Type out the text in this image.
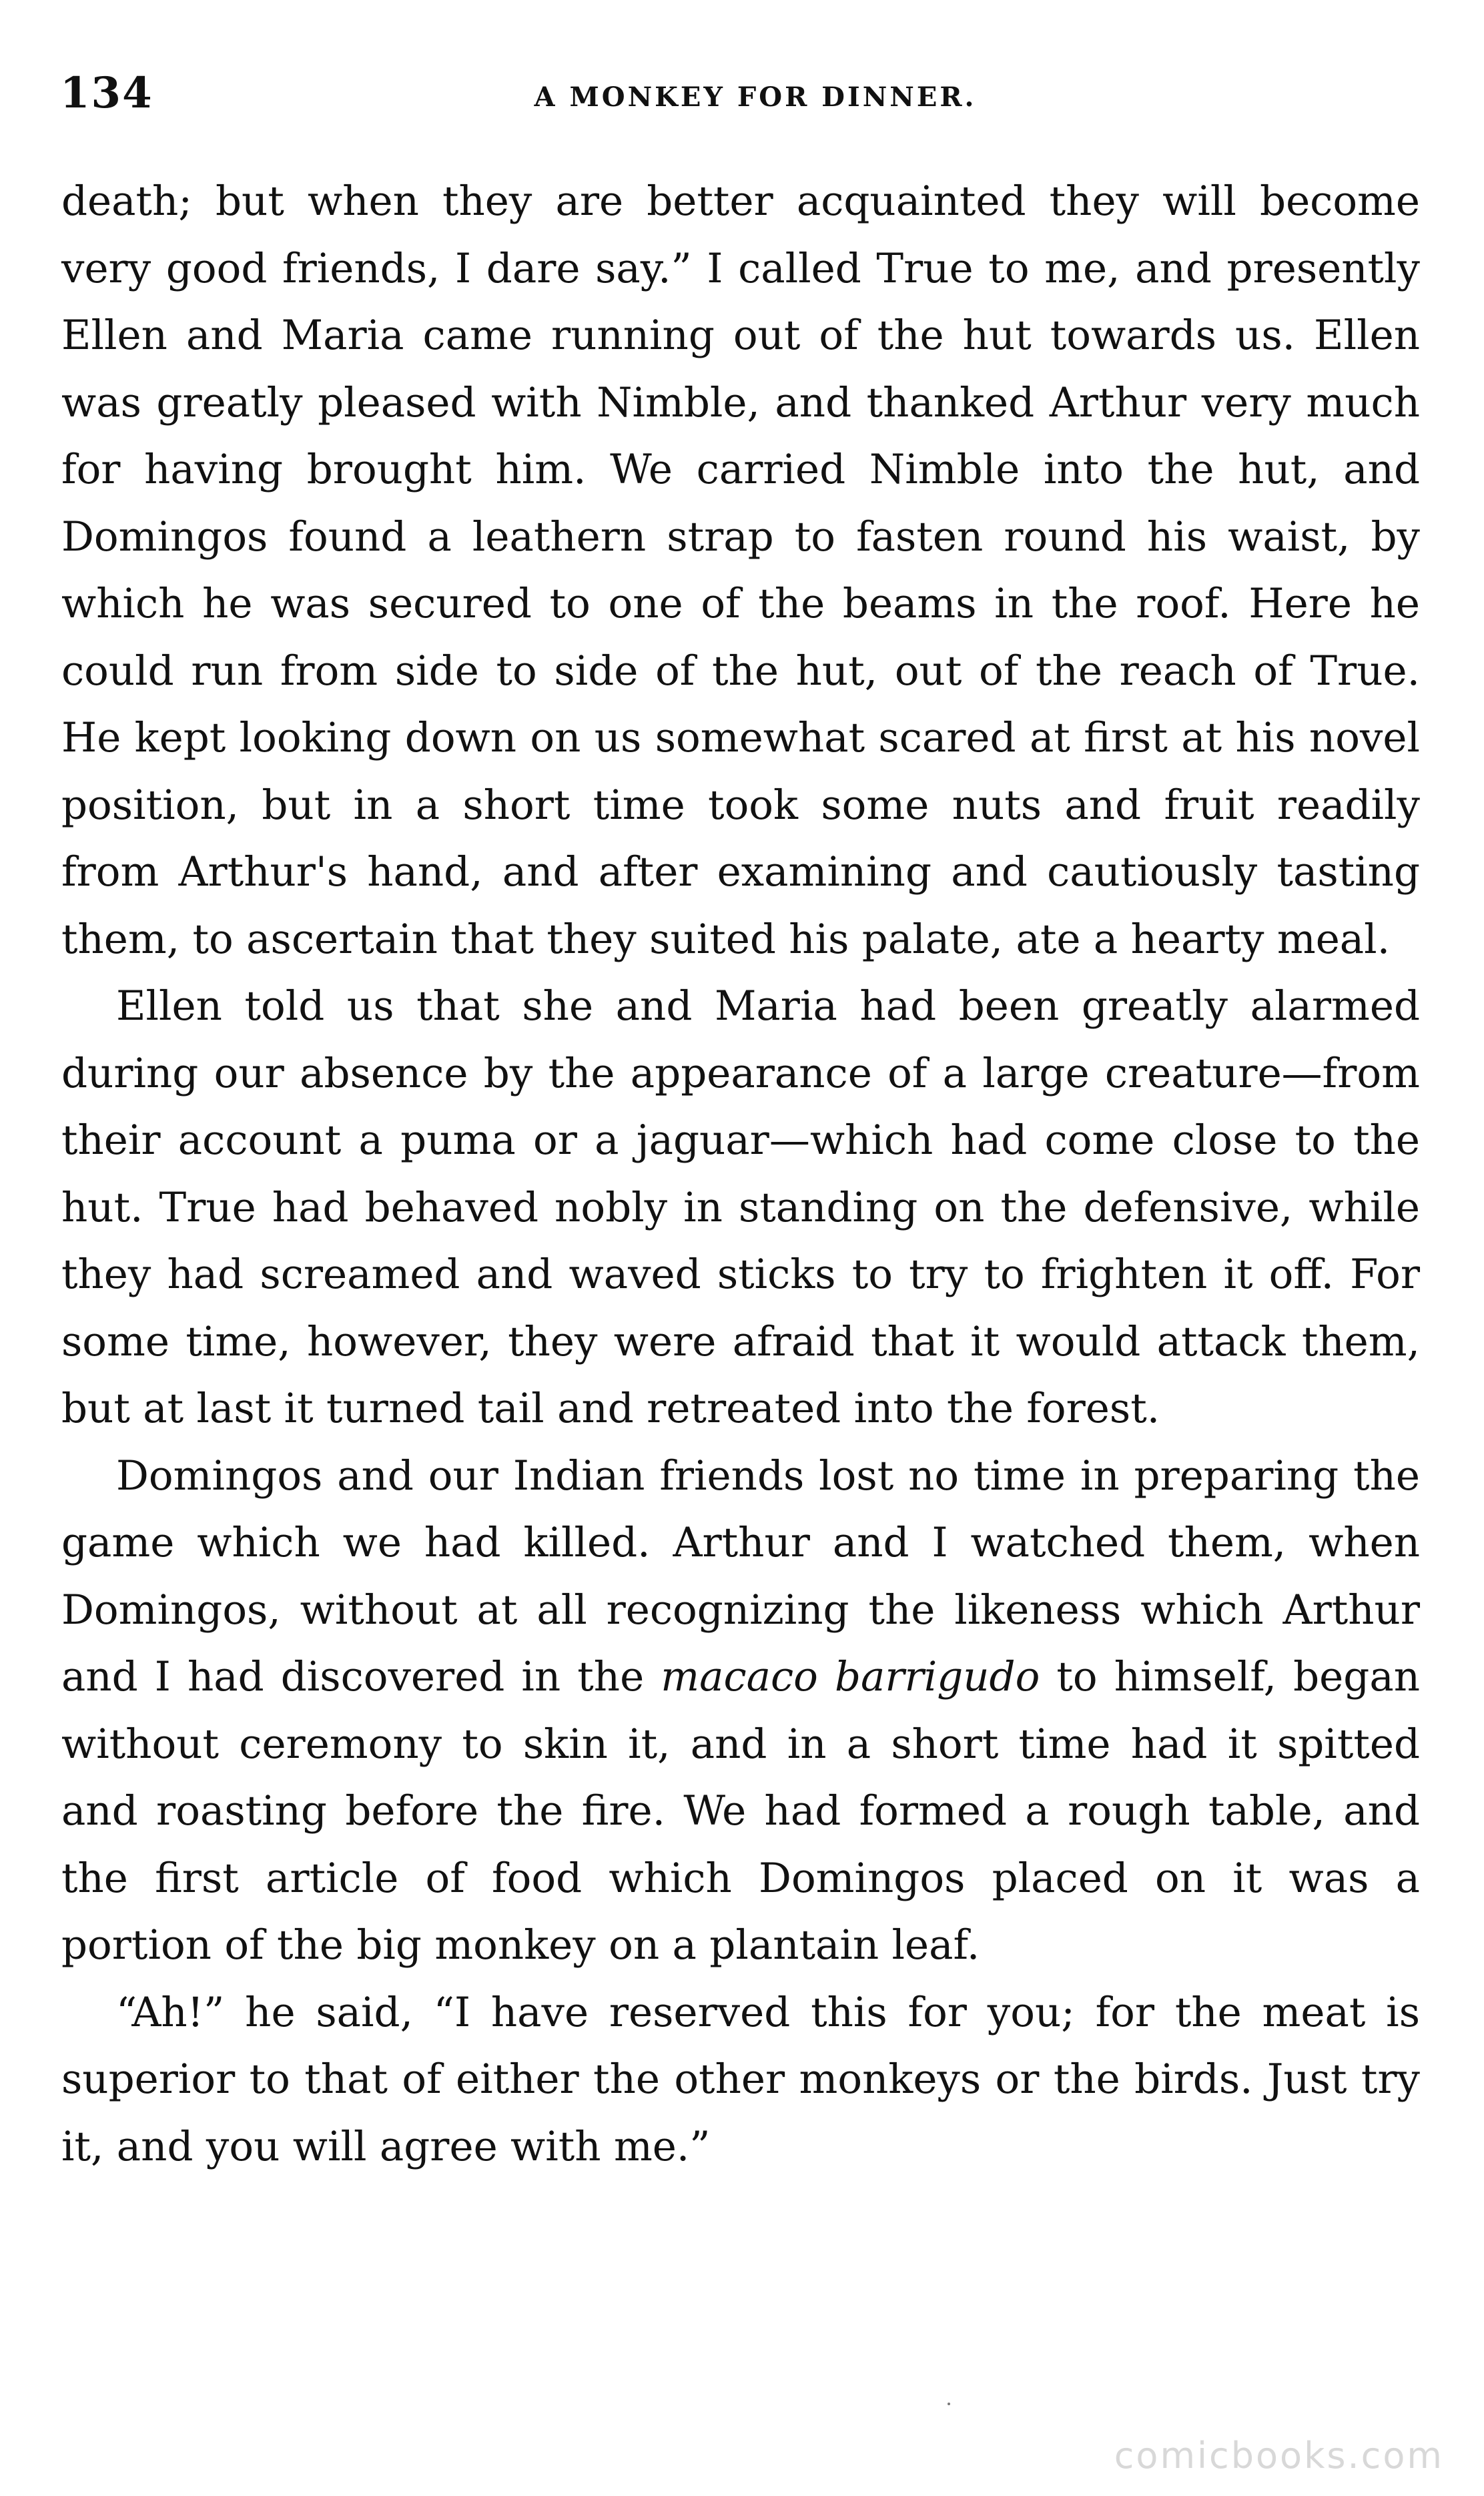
134	A MONKEY FOR DINNER.

death; but when they are better acquainted they will become very good friends, I dare say.” I called True to me, and presently Ellen and Maria came running out of the hut towards us. Ellen was greatly pleased with Nimble, and thanked Arthur very much for having brought him. We carried Nimble into the hut, and Domingos found a leathern strap to fasten round his waist, by which he was secured to one of the beams in the roof. Here he could run from side to side of the hut, out of the reach of True. He kept looking down on us somewhat scared at first at his novel position, but in a short time took some nuts and fruit readily from Arthur's hand, and after examining and cautiously tasting them, to ascertain that they suited his palate, ate a hearty meal.

Ellen told us that she and Maria had been greatly alarmed during our absence by the appearance of a large creature—from their account a puma or a jaguar—which had come close to the hut. True had behaved nobly in standing on the defensive, while they had screamed and waved sticks to try to frighten it off. For some time, however, they were afraid that it would attack them, but at last it turned tail and retreated into the forest.

Domingos and our Indian friends lost no time in preparing the game which we had killed. Arthur and I watched them, when Domingos, without at all recognizing the likeness which Arthur and I had discovered in the macaco barrigudo to himself, began without ceremony to skin it, and in a short time had it spitted and roasting before the fire. We had formed a rough table, and the first article of food which Domingos placed on it was a portion of the big monkey on a plantain leaf.

“Ah!” he said, “I have reserved this for you; for the meat is superior to that of either the other monkeys or the birds. Just try it, and you will agree with me.”

comicbooks.com
